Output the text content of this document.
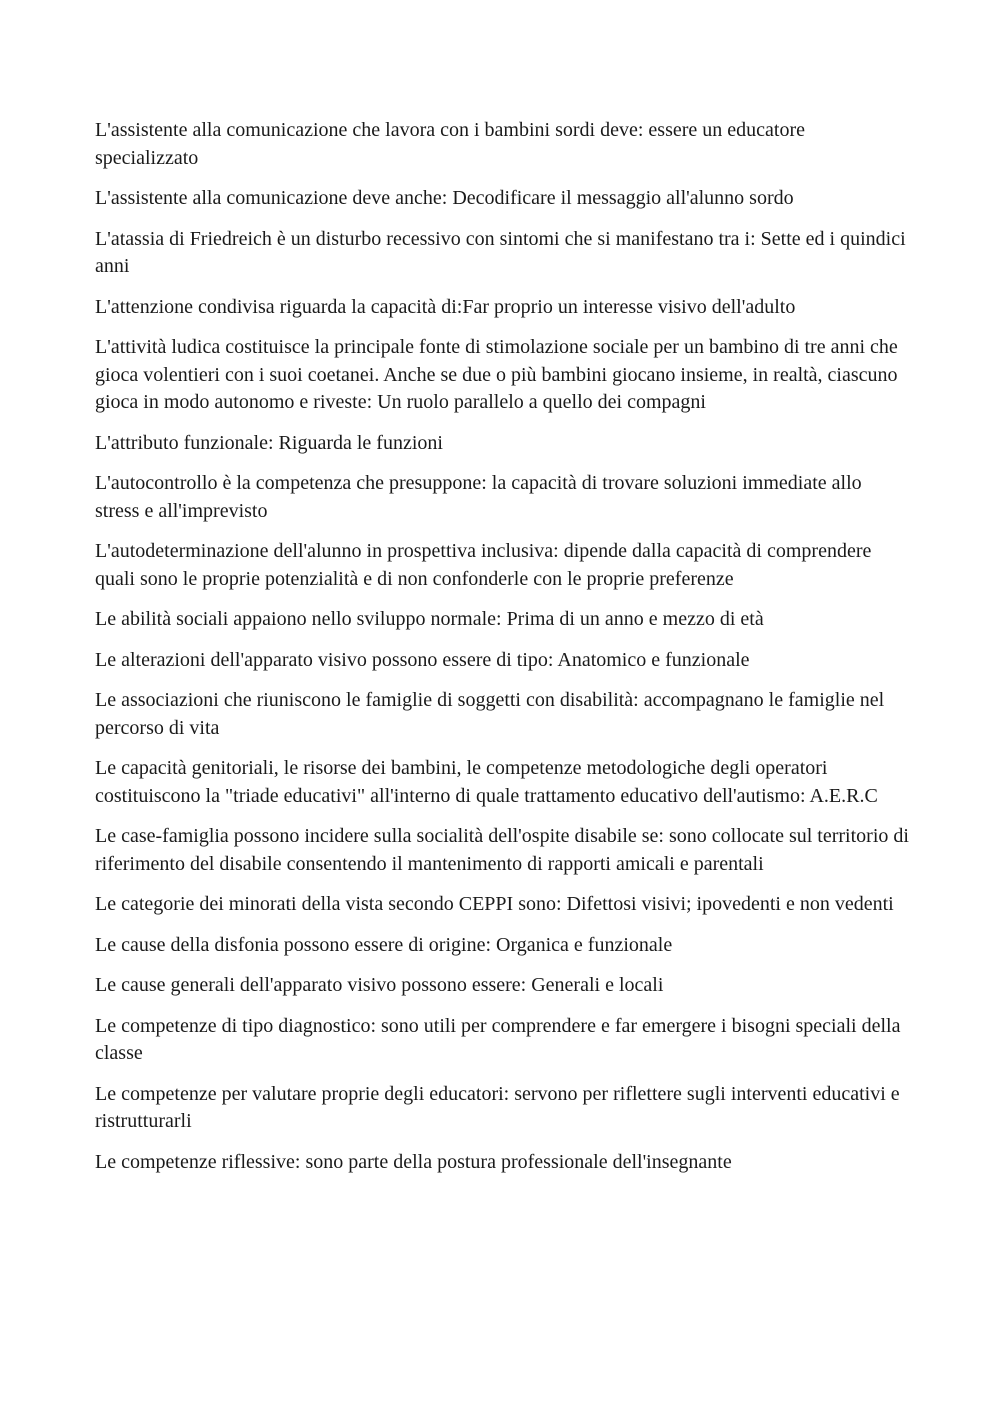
L'assistente alla comunicazione che lavora con i bambini sordi deve: essere un educatore specializzato

L'assistente alla comunicazione deve anche: Decodificare il messaggio all'alunno sordo

L'atassia di Friedreich è un disturbo recessivo con sintomi che si manifestano tra i: Sette ed i quindici anni

L'attenzione condivisa riguarda la capacità di:Far proprio un interesse visivo dell'adulto

L'attività ludica costituisce la principale fonte di stimolazione sociale per un bambino di tre anni che gioca volentieri con i suoi coetanei. Anche se due o più bambini giocano insieme, in realtà, ciascuno gioca in modo autonomo e riveste: Un ruolo parallelo a quello dei compagni

L'attributo funzionale: Riguarda le funzioni

L'autocontrollo è la competenza che presuppone: la capacità di trovare soluzioni immediate allo stress e all'imprevisto

L'autodeterminazione dell'alunno in prospettiva inclusiva: dipende dalla capacità di comprendere quali sono le proprie potenzialità e di non confonderle con le proprie preferenze

Le abilità sociali appaiono nello sviluppo normale: Prima di un anno e mezzo di età

Le alterazioni dell'apparato visivo possono essere di tipo: Anatomico e funzionale

Le associazioni che riuniscono le famiglie di soggetti con disabilità: accompagnano le famiglie nel percorso di vita

Le capacità genitoriali, le risorse dei bambini, le competenze metodologiche degli operatori costituiscono la "triade educativi" all'interno di quale trattamento educativo dell'autismo: A.E.R.C

Le case-famiglia possono incidere sulla socialità dell'ospite disabile se: sono collocate sul territorio di riferimento del disabile consentendo il mantenimento di rapporti amicali e parentali

Le categorie dei minorati della vista secondo CEPPI sono: Difettosi visivi; ipovedenti e non vedenti

Le cause della disfonia possono essere di origine: Organica e funzionale

Le cause generali dell'apparato visivo possono essere: Generali e locali

Le competenze di tipo diagnostico: sono utili per comprendere e far emergere i bisogni speciali della classe

Le competenze per valutare proprie degli educatori: servono per riflettere sugli interventi educativi e ristrutturarli

Le competenze riflessive: sono parte della postura professionale dell'insegnante
